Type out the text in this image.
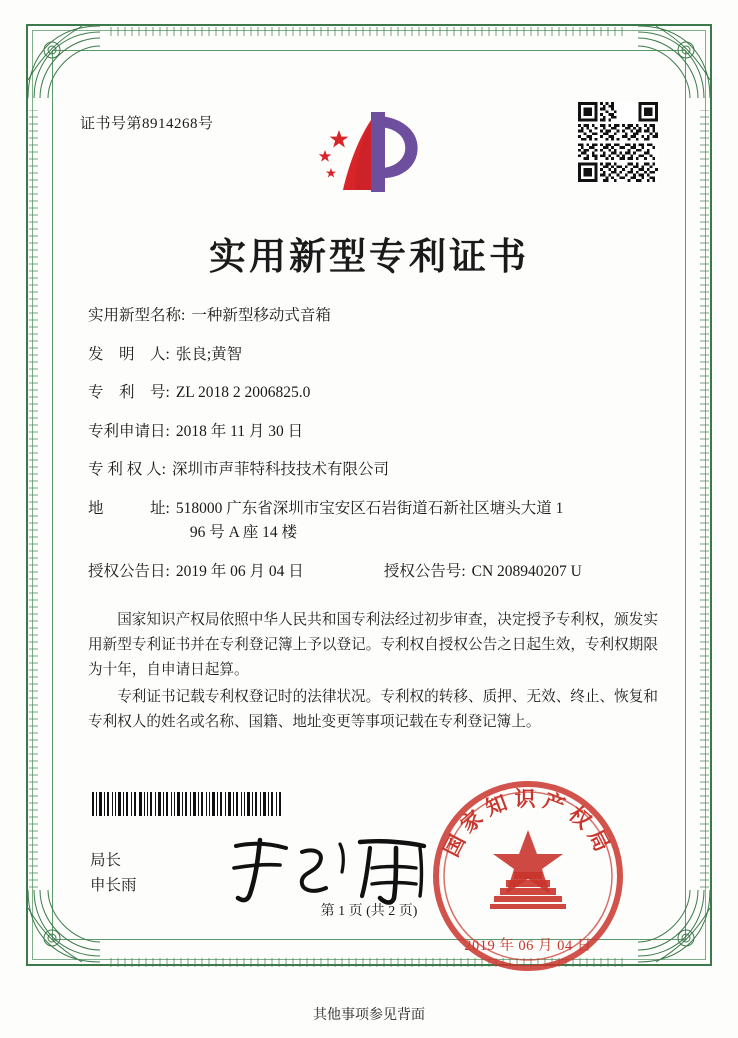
证书号第8914268号
实用新型专利证书
实用新型名称: 一种新型移动式音箱
发　明　人: 张良;黄智
专　利　号: ZL 2018 2 2006825.0
专利申请日: 2018 年 11 月 30 日
专 利 权 人: 深圳市声菲特科技技术有限公司
地　　　址: 518000 广东省深圳市宝安区石岩街道石新社区塘头大道 1
96 号 A 座 14 楼
授权公告日: 2019 年 06 月 04 日	授权公告号: CN 208940207 U

国家知识产权局依照中华人民共和国专利法经过初步审查，决定授予专利权，颁发实用新型专利证书并在专利登记簿上予以登记。专利权自授权公告之日起生效，专利权期限为十年，自申请日起算。

专利证书记载专利权登记时的法律状况。专利权的转移、质押、无效、终止、恢复和专利权人的姓名或名称、国籍、地址变更等事项记载在专利登记簿上。

局长
申长雨
国家知识产权局
2019 年 06 月 04 日
第 1 页 (共 2 页)
其他事项参见背面
